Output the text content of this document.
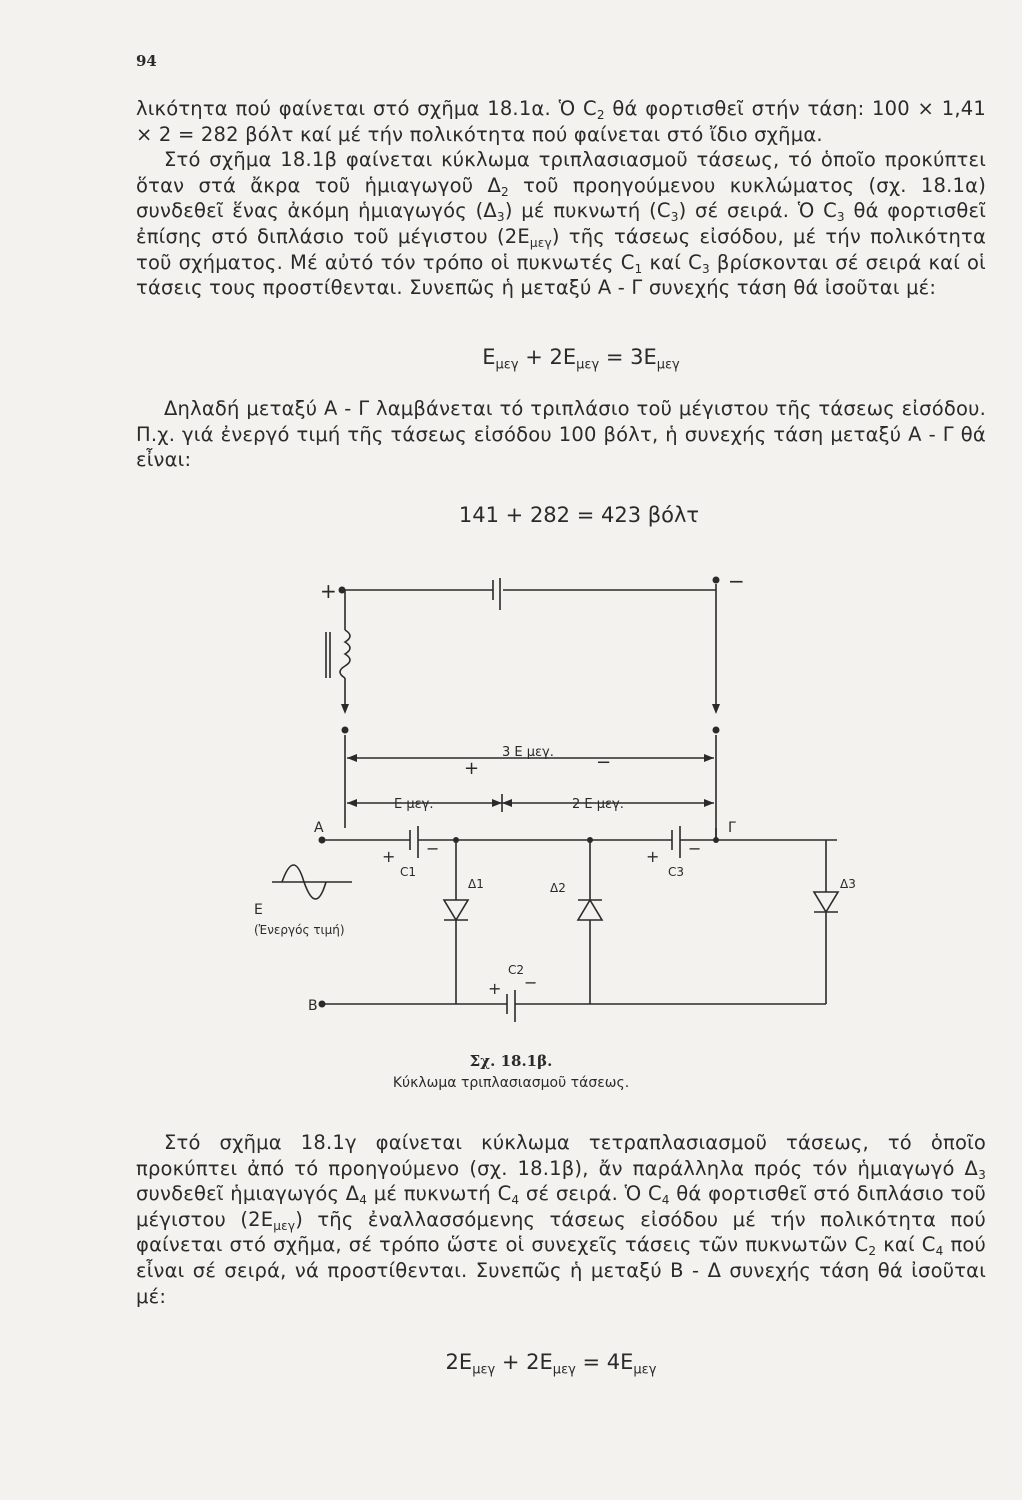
94

λικότητα πού φαίνεται στό σχῆμα 18.1α. Ὁ $C_2$ θά φορτισθεῖ στήν τάση: 100 × 1,41 × 2 = 282 βόλτ καί μέ τήν πολικότητα πού φαίνεται στό ἴδιο σχῆμα.

Στό σχῆμα 18.1β φαίνεται κύκλωμα τριπλασιασμοῦ τάσεως, τό ὁποῖο προκύπτει ὅταν στά ἄκρα τοῦ ἡμιαγωγοῦ $\Delta_2$ τοῦ προηγούμενου κυκλώματος (σχ. 18.1α) συνδεθεῖ ἕνας ἀκόμη ἡμιαγωγός $(\Delta_3)$ μέ πυκνωτή $(C_3)$ σέ σειρά. Ὁ $C_3$ θά φορτισθεῖ ἐπίσης στό διπλάσιο τοῦ μέγιστου $(2E_{\mu\varepsilon\gamma})$ τῆς τάσεως εἰσόδου, μέ τήν πολικότητα τοῦ σχήματος. Μέ αὐτό τόν τρόπο οἱ πυκνωτές $C_1$ καί $C_3$ βρίσκονται σέ σειρά καί οἱ τάσεις τους προστίθενται. Συνεπῶς ἡ μεταξύ Α - Γ συνεχής τάση θά ἰσοῦται μέ:

$E_{\mu\varepsilon\gamma} + 2E_{\mu\varepsilon\gamma} = 3E_{\mu\varepsilon\gamma}$

Δηλαδή μεταξύ Α - Γ λαμβάνεται τό τριπλάσιο τοῦ μέγιστου τῆς τάσεως εἰσόδου. Π.χ. γιά ἐνεργό τιμή τῆς τάσεως εἰσόδου 100 βόλτ, ἡ συνεχής τάση μεταξύ Α - Γ θά εἶναι:

141 + 282 = 423 βόλτ
+	−
3 Ε μεγ.
+	−
Ε μεγ.	2 Ε μεγ.
Α	Γ
+ −
C1
+ −
C3
Δ1	Δ2	Δ3
Ε
(Ἐνεργός τιμή)
C2
+ −
Β
Σχ. 18.1β.
Κύκλωμα τριπλασιασμοῦ τάσεως.

Στό σχῆμα 18.1γ φαίνεται κύκλωμα τετραπλασιασμοῦ τάσεως, τό ὁποῖο προκύπτει ἀπό τό προηγούμενο (σχ. 18.1β), ἄν παράλληλα πρός τόν ἡμιαγωγό $\Delta_3$ συνδεθεῖ ἡμιαγωγός $\Delta_4$ μέ πυκνωτή $C_4$ σέ σειρά. Ὁ $C_4$ θά φορτισθεῖ στό διπλάσιο τοῦ μέγιστου $(2E_{\mu\varepsilon\gamma})$ τῆς ἐναλλασσόμενης τάσεως εἰσόδου μέ τήν πολικότητα πού φαίνεται στό σχῆμα, σέ τρόπο ὥστε οἱ συνεχεῖς τάσεις τῶν πυκνωτῶν $C_2$ καί $C_4$ πού εἶναι σέ σειρά, νά προστίθενται. Συνεπῶς ἡ μεταξύ Β - Δ συνεχής τάση θά ἰσοῦται μέ:

$2E_{\mu\varepsilon\gamma} + 2E_{\mu\varepsilon\gamma} = 4E_{\mu\varepsilon\gamma}$
